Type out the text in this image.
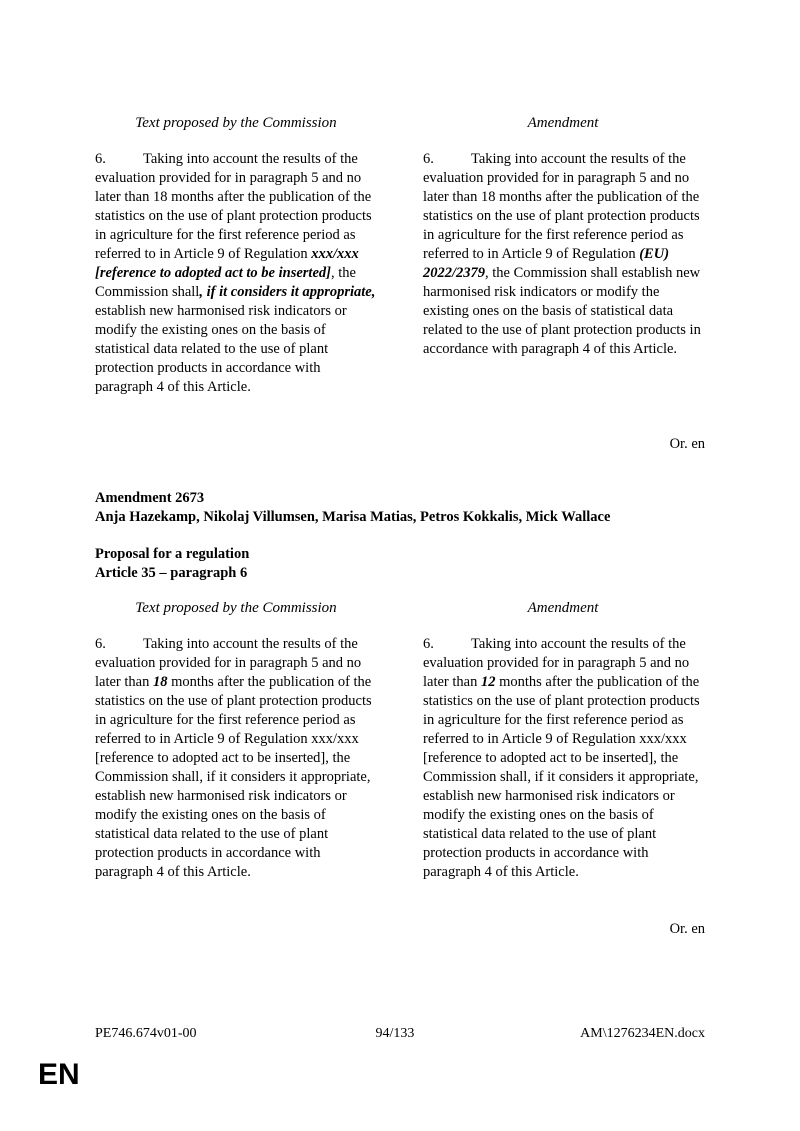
Text proposed by the Commission	Amendment
6.	Taking into account the results of the evaluation provided for in paragraph 5 and no later than 18 months after the publication of the statistics on the use of plant protection products in agriculture for the first reference period as referred to in Article 9 of Regulation xxx/xxx [reference to adopted act to be inserted], the Commission shall, if it considers it appropriate, establish new harmonised risk indicators or modify the existing ones on the basis of statistical data related to the use of plant protection products in accordance with paragraph 4 of this Article.
6.	Taking into account the results of the evaluation provided for in paragraph 5 and no later than 18 months after the publication of the statistics on the use of plant protection products in agriculture for the first reference period as referred to in Article 9 of Regulation (EU) 2022/2379, the Commission shall establish new harmonised risk indicators or modify the existing ones on the basis of statistical data related to the use of plant protection products in accordance with paragraph 4 of this Article.
Or. en
Amendment 2673
Anja Hazekamp, Nikolaj Villumsen, Marisa Matias, Petros Kokkalis, Mick Wallace
Proposal for a regulation
Article 35 – paragraph 6
Text proposed by the Commission	Amendment
6.	Taking into account the results of the evaluation provided for in paragraph 5 and no later than 18 months after the publication of the statistics on the use of plant protection products in agriculture for the first reference period as referred to in Article 9 of Regulation xxx/xxx [reference to adopted act to be inserted], the Commission shall, if it considers it appropriate, establish new harmonised risk indicators or modify the existing ones on the basis of statistical data related to the use of plant protection products in accordance with paragraph 4 of this Article.
6.	Taking into account the results of the evaluation provided for in paragraph 5 and no later than 12 months after the publication of the statistics on the use of plant protection products in agriculture for the first reference period as referred to in Article 9 of Regulation xxx/xxx [reference to adopted act to be inserted], the Commission shall, if it considers it appropriate, establish new harmonised risk indicators or modify the existing ones on the basis of statistical data related to the use of plant protection products in accordance with paragraph 4 of this Article.
Or. en
PE746.674v01-00	94/133	AM\1276234EN.docx
EN
